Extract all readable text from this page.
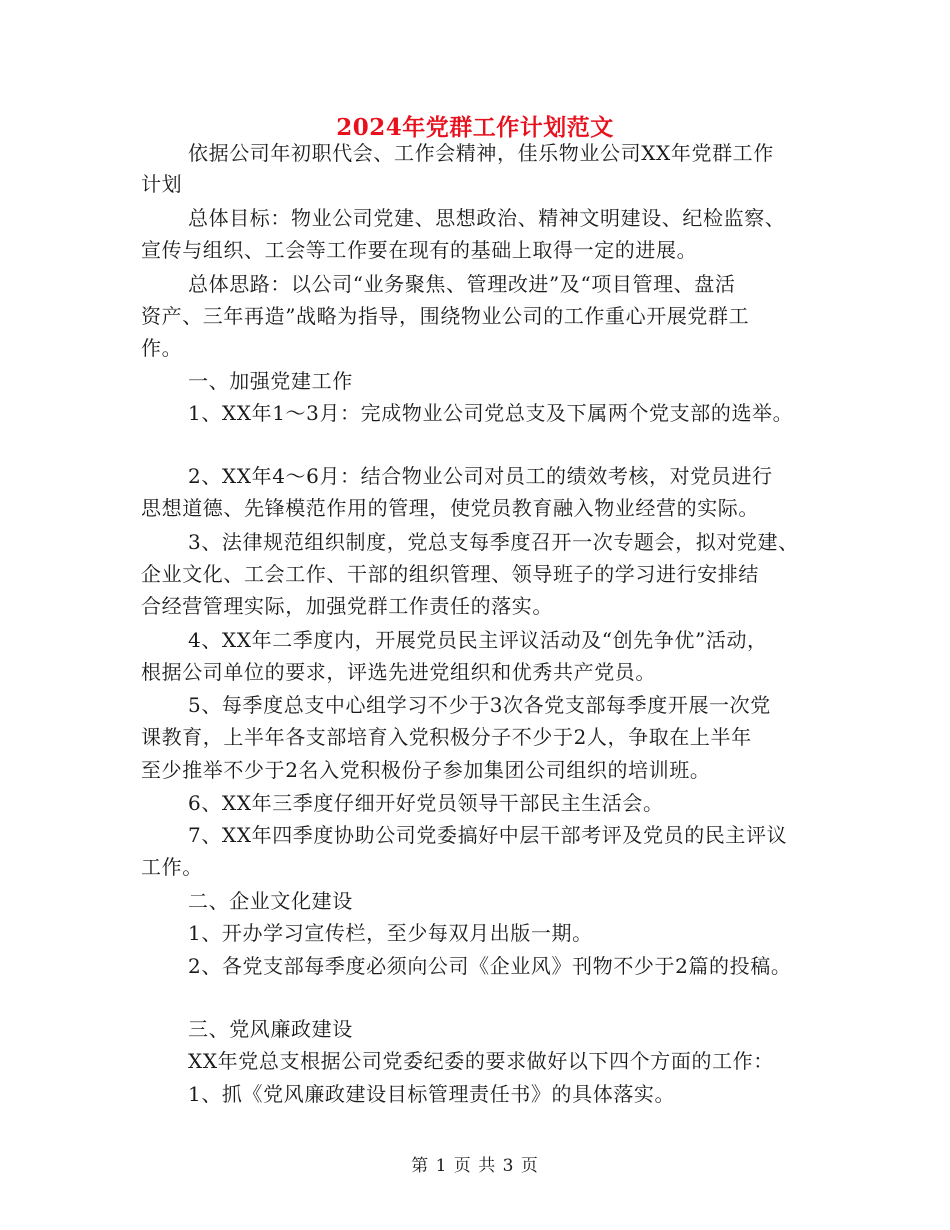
2024年党群工作计划范文
依据公司年初职代会、工作会精神，佳乐物业公司XX年党群工作
计划
总体目标：物业公司党建、思想政治、精神文明建设、纪检监察、
宣传与组织、工会等工作要在现有的基础上取得一定的进展。
总体思路：以公司“业务聚焦、管理改进”及“项目管理、盘活
资产、三年再造”战略为指导，围绕物业公司的工作重心开展党群工
作。
一、加强党建工作
1、XX年1～3月：完成物业公司党总支及下属两个党支部的选举。
2、XX年4～6月：结合物业公司对员工的绩效考核，对党员进行
思想道德、先锋模范作用的管理，使党员教育融入物业经营的实际。
3、法律规范组织制度，党总支每季度召开一次专题会，拟对党建、
企业文化、工会工作、干部的组织管理、领导班子的学习进行安排结
合经营管理实际，加强党群工作责任的落实。
4、XX年二季度内，开展党员民主评议活动及“创先争优”活动，
根据公司单位的要求，评选先进党组织和优秀共产党员。
5、每季度总支中心组学习不少于3次各党支部每季度开展一次党
课教育，上半年各支部培育入党积极分子不少于2人，争取在上半年
至少推举不少于2名入党积极份子参加集团公司组织的培训班。
6、XX年三季度仔细开好党员领导干部民主生活会。
7、XX年四季度协助公司党委搞好中层干部考评及党员的民主评议
工作。
二、企业文化建设
1、开办学习宣传栏，至少每双月出版一期。
2、各党支部每季度必须向公司《企业风》刊物不少于2篇的投稿。
三、党风廉政建设
XX年党总支根据公司党委纪委的要求做好以下四个方面的工作：
1、抓《党风廉政建设目标管理责任书》的具体落实。
第 1 页 共 3 页
